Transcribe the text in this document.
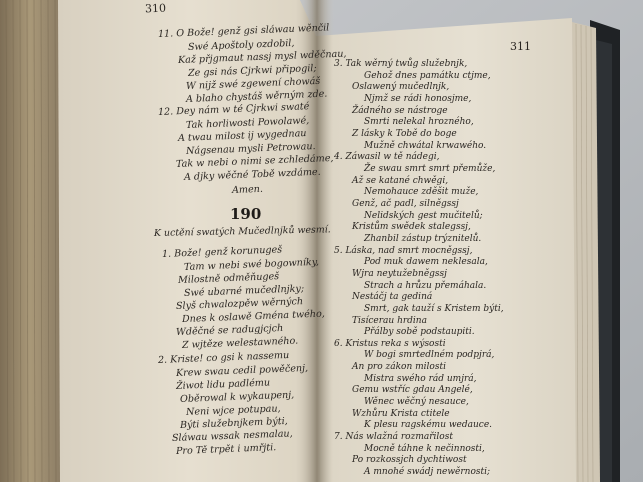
310
11. O Bože! genž gsi sláwau wěnčil
Swé Apoštoly ozdobil,
Kaž přjgmaut nassj mysl wděčnau,
Ze gsi nás Cjrkwi připogil;
W nijž swé zgewení chowáš
A blaho chystáš wěrným zde.
12. Dey nám w té Cjrkwi swaté
Tak horliwosti Powolawé,
A twau milost ij wygednau
Nágsenau mysli Petrowau.
Tak w nebi o nimi se zchledáme,
A djky wěčné Tobě wzdáme.
Amen.
190
K uctění swatých Mučedlnjků wesmí.
1. Bože! genž korunugeš
Tam w nebi swé bogowníky,
Milostně odměňugeš
Swé ubarné mučedlnjky;
Slyš chwalozpěw wěrných
Dnes k oslawě Gména twého,
Wděčné se radugjcjch
Z wjtěze welestawného.
2. Kriste! co gsi k nassemu
Krew swau cedil powěčenj,
Žiwot lidu padlému
Oběrowal k wykaupenj,
Neni wjce potupau,
Býti služebnjkem býti,
Sláwau wssak nesmalau,
Pro Tě trpět i umřjti.
311
3. Tak wěrný twůg služebnjk,
Gehož dnes památku ctjme,
Oslawený mučedlnjk,
Njmž se rádi honosjme,
Žádného se nástroge
Smrti nelekal hrozného,
Z lásky k Tobě do boge
Mužně chwátal krwawého.
4. Záwasil w tě nádegi,
Že swau smrt smrt přemůže,
Až se katané chwěgi,
Nemohauce zděšit muže,
Genž, ač padl, silněgssj
Nelidských gest mučitelů;
Kristům swědek stalegssj,
Zhanbil zástup trýznitelů.
5. Láska, nad smrt mocněgssj,
Pod muk dawem neklesala,
Wjra neytužebněgssj
Strach a hrůzu přemáhala.
Nestáčj ta gediná
Smrt, gak tauží s Kristem býti,
Tisícerau hrdina
Přálby sobě podstaupiti.
6. Kristus reka s wýsosti
W bogi smrtedlném podpjrá,
An pro zákon milosti
Mistra swého rád umjrá,
Gemu wstříc gdau Angelé,
Wěnec wěčný nesauce,
Wzhůru Krista ctitele
K plesu ragskému wedauce.
7. Nás wlažná rozmařilost
Mocně táhne k nečinnosti,
Po rozkossjch dychtiwost
A mnohé swádj newěrnosti;
